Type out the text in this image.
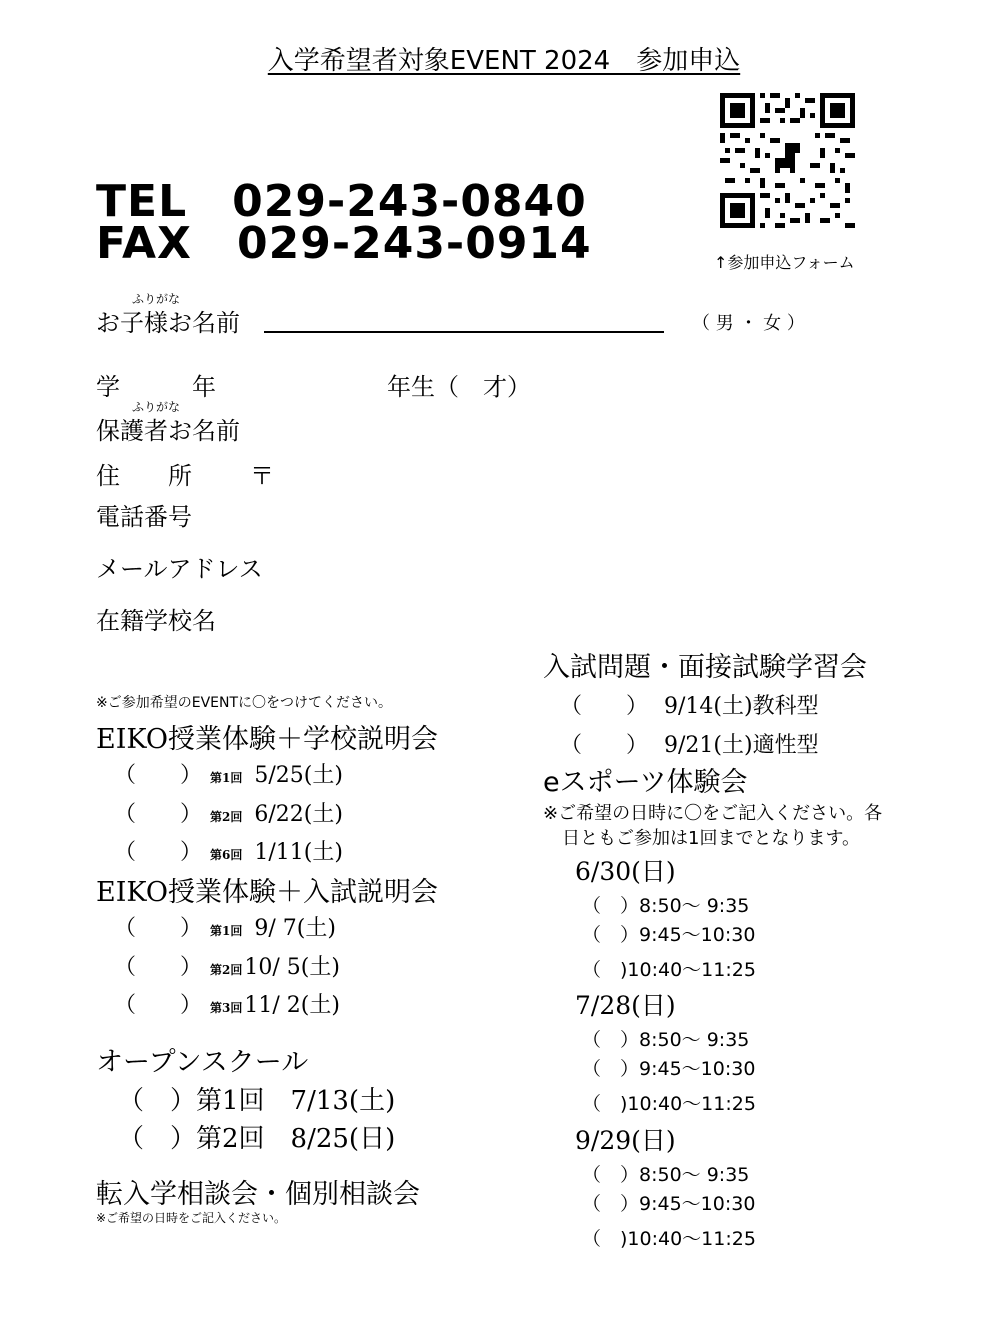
入学希望者対象EVENT 2024　参加申込
TEL　029-243-0840
FAX　029-243-0914	↑参加申込フォーム
ふりがな
お子様お名前	（ 男 ・ 女 ）
学　　　年	年生（　才）
ふりがな
保護者お名前
住　　所 〒
電話番号
メールアドレス
在籍学校名
※ご参加希望のEVENTに〇をつけてください。
EIKO授業体験＋学校説明会
（　　） 第1回 5/25(土)
（　　） 第2回 6/22(土)
（　　） 第6回 1/11(土)
EIKO授業体験＋入試説明会
（　　） 第1回 9/ 7(土)
（　　） 第2回10/ 5(土)
（　　） 第3回11/ 2(土)
オープンスクール
（　）第1回　7/13(土)
（　）第2回　8/25(日)
転入学相談会・個別相談会
※ご希望の日時をご記入ください。
入試問題・面接試験学習会
（　　） 9/14(土)教科型
（　　） 9/21(土)適性型
eスポーツ体験会
※ご希望の日時に〇をご記入ください。各
日ともご参加は1回までとなります。
6/30(日)
（　）8:50～ 9:35
（　）9:45～10:30
（　)10:40～11:25
7/28(日)
（　）8:50～ 9:35
（　）9:45～10:30
（　)10:40～11:25
9/29(日)
（　）8:50～ 9:35
（　）9:45～10:30
（　)10:40～11:25
